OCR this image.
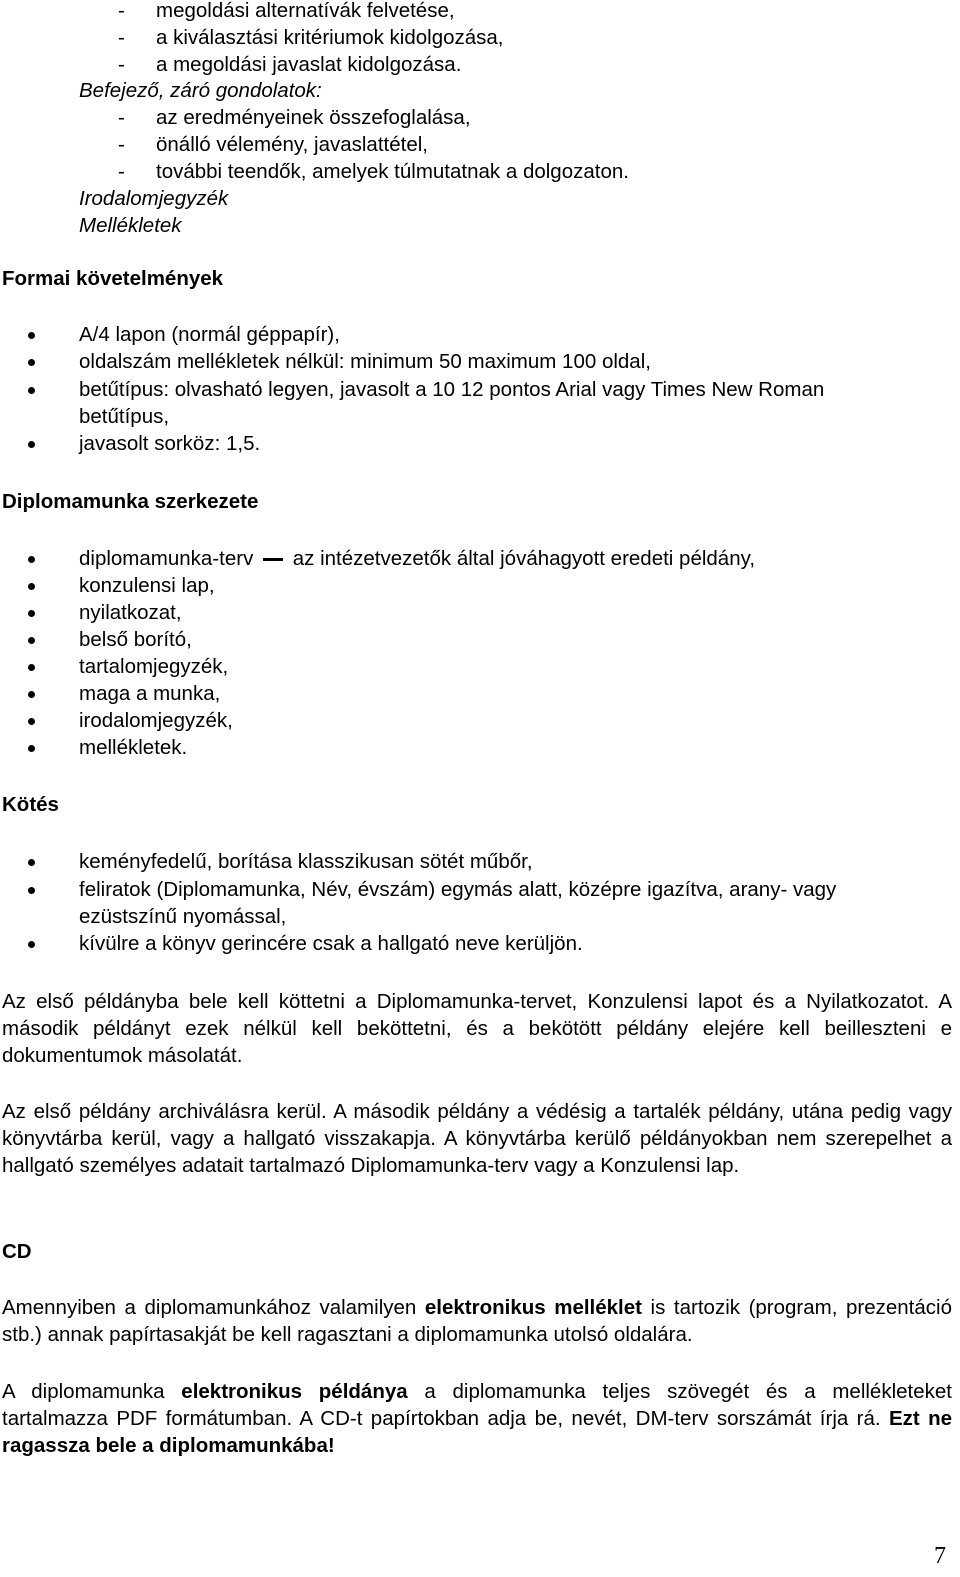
- megoldási alternatívák felvetése,
- a kiválasztási kritériumok kidolgozása,
- a megoldási javaslat kidolgozása.
Befejező, záró gondolatok:
- az eredményeinek összefoglalása,
- önálló vélemény, javaslattétel,
- további teendők, amelyek túlmutatnak a dolgozaton.
Irodalomjegyzék
Mellékletek
Formai követelmények
A/4 lapon (normál géppapír),
oldalszám mellékletek nélkül: minimum 50 maximum 100 oldal,
betűtípus: olvasható legyen, javasolt a 10 12 pontos Arial vagy Times New Roman
betűtípus,
javasolt sorköz: 1,5.
Diplomamunka szerkezete
diplomamunka-terv az intézetvezetők által jóváhagyott eredeti példány,
konzulensi lap,
nyilatkozat,
belső borító,
tartalomjegyzék,
maga a munka,
irodalomjegyzék,
mellékletek.
Kötés
keményfedelű, borítása klasszikusan sötét műbőr,
feliratok (Diplomamunka, Név, évszám) egymás alatt, középre igazítva, arany- vagy
ezüstszínű nyomással,
kívülre a könyv gerincére csak a hallgató neve kerüljön.
Az első példányba bele kell köttetni a Diplomamunka-tervet, Konzulensi lapot és a Nyilatkozatot. A második példányt ezek nélkül kell beköttetni, és a bekötött példány elejére kell beilleszteni e dokumentumok másolatát.
Az első példány archiválásra kerül. A második példány a védésig a tartalék példány, utána pedig vagy könyvtárba kerül, vagy a hallgató visszakapja. A könyvtárba kerülő példányokban nem szerepelhet a hallgató személyes adatait tartalmazó Diplomamunka-terv vagy a Konzulensi lap.
CD
Amennyiben a diplomamunkához valamilyen elektronikus melléklet is tartozik (program, prezentáció stb.) annak papírtasakját be kell ragasztani a diplomamunka utolsó oldalára.
A diplomamunka elektronikus példánya a diplomamunka teljes szövegét és a mellékleteket tartalmazza PDF formátumban. A CD-t papírtokban adja be, nevét, DM-terv sorszámát írja rá. Ezt ne ragassza bele a diplomamunkába!
7
